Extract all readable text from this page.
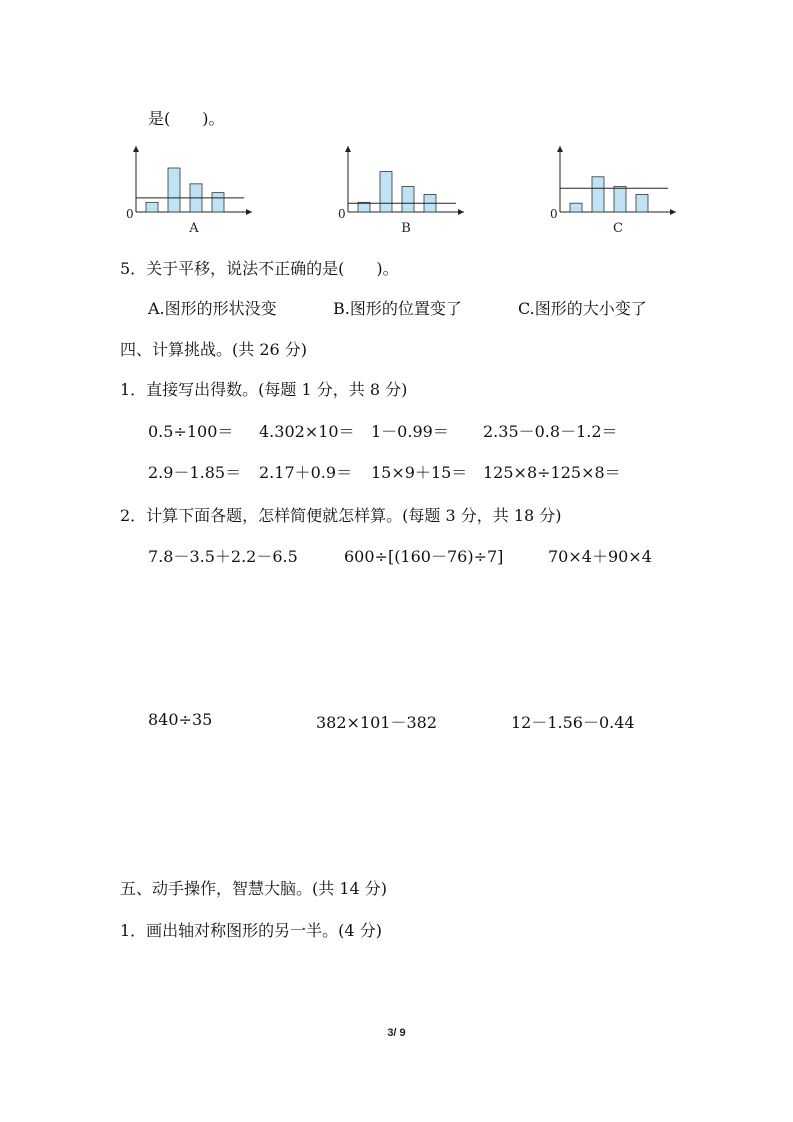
是(　　)。
0
A
0
B
0
C
5．关于平移，说法不正确的是(　　)。
A.图形的形状没变	B.图形的位置变了	C.图形的大小变了
四、计算挑战。(共 26 分)
1．直接写出得数。(每题 1 分，共 8 分)
0.5÷100＝ 4.302×10＝ 1－0.99＝ 2.35－0.8－1.2＝
2.9－1.85＝ 2.17＋0.9＝ 15×9＋15＝ 125×8÷125×8＝
2．计算下面各题，怎样简便就怎样算。(每题 3 分，共 18 分)
7.8－3.5＋2.2－6.5	600÷[(160－76)÷7]	70×4＋90×4
840÷35	382×101－382	12－1.56－0.44
五、动手操作，智慧大脑。(共 14 分)
1．画出轴对称图形的另一半。(4 分)
3/ 9
